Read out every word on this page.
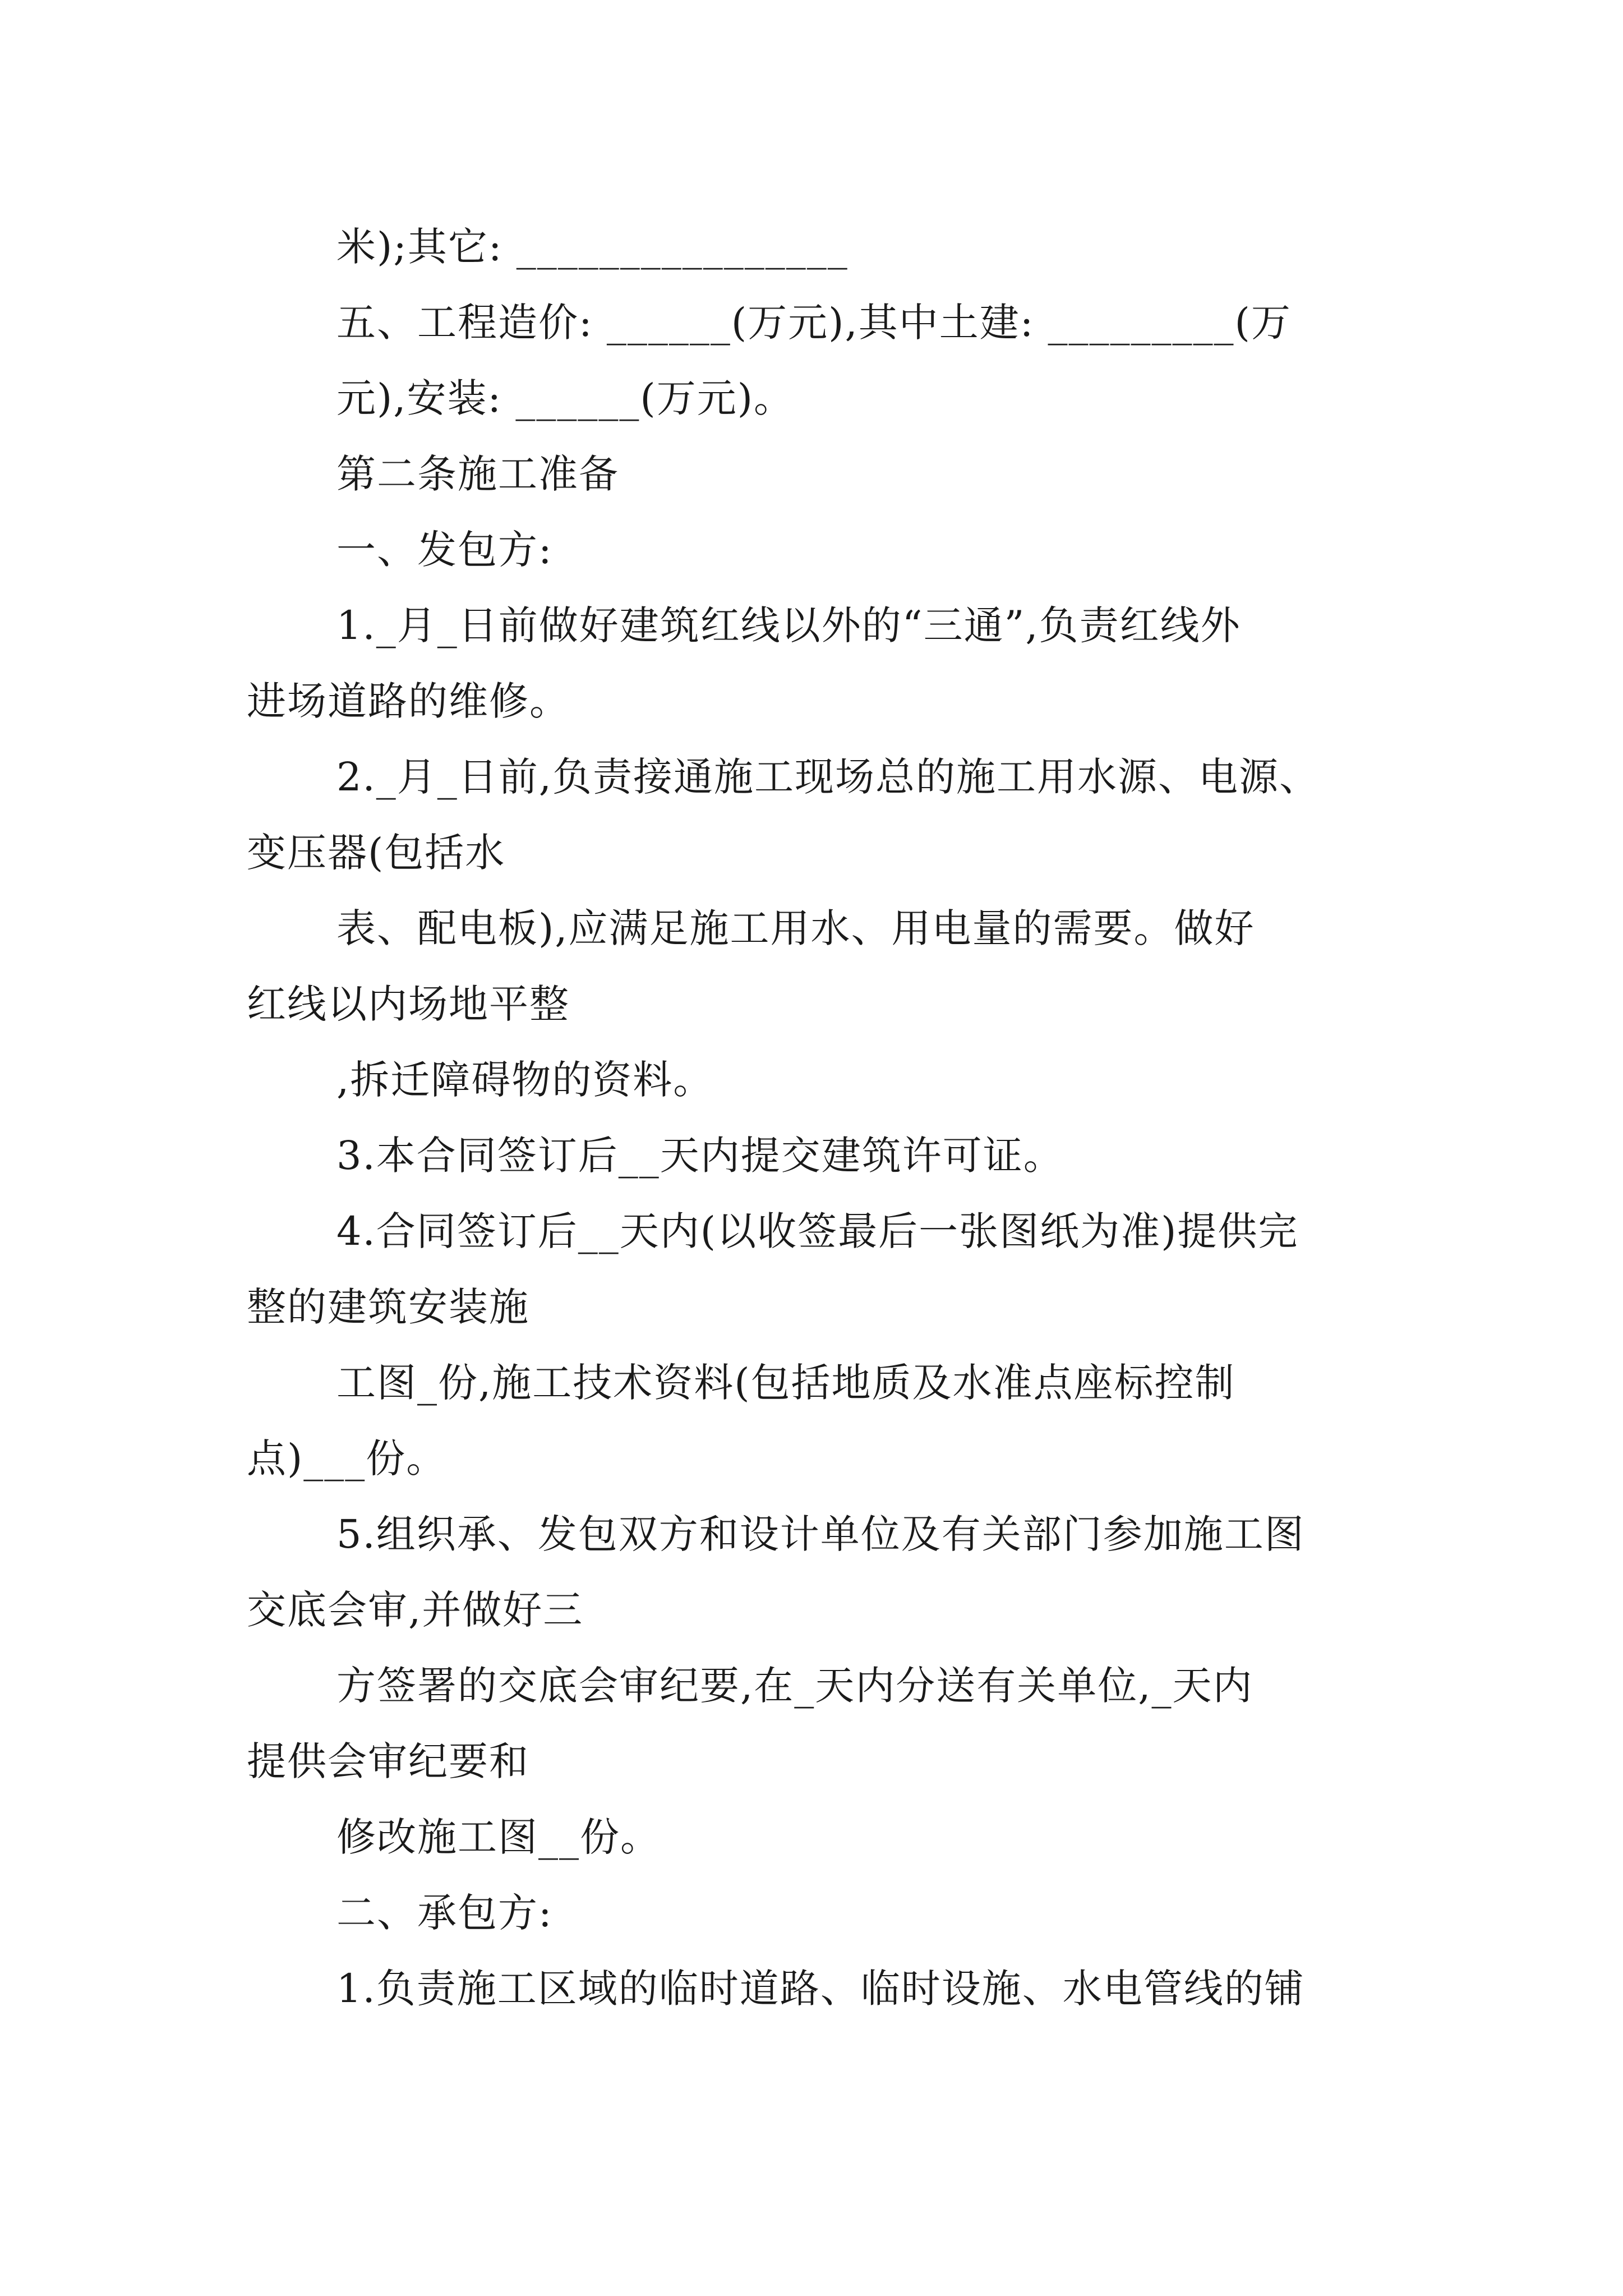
米);其它: ________________
五、工程造价: ______(万元),其中土建: _________(万
元),安装: ______(万元)。
第二条施工准备
一、发包方:
1._月_日前做好建筑红线以外的“三通”,负责红线外
进场道路的维修。
2._月_日前,负责接通施工现场总的施工用水源、电源、
变压器(包括水
表、配电板),应满足施工用水、用电量的需要。做好
红线以内场地平整
,拆迁障碍物的资料。
3.本合同签订后__天内提交建筑许可证。
4.合同签订后__天内(以收签最后一张图纸为准)提供完
整的建筑安装施
工图_份,施工技术资料(包括地质及水准点座标控制
点)___份。
5.组织承、发包双方和设计单位及有关部门参加施工图
交底会审,并做好三
方签署的交底会审纪要,在_天内分送有关单位,_天内
提供会审纪要和
修改施工图__份。
二、承包方:
1.负责施工区域的临时道路、临时设施、水电管线的铺
